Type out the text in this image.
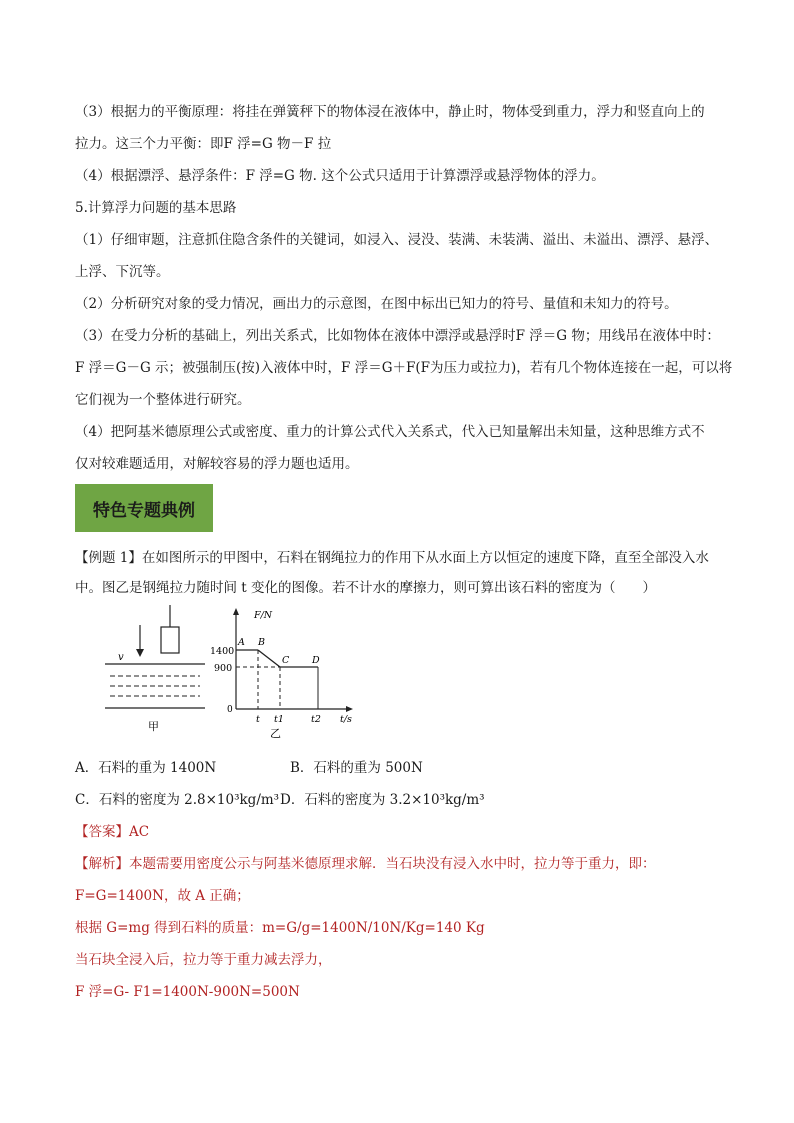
（3）根据力的平衡原理：将挂在弹簧秤下的物体浸在液体中，静止时，物体受到重力，浮力和竖直向上的
拉力。这三个力平衡：即F 浮=G 物－F 拉
（4）根据漂浮、悬浮条件：F 浮=G 物. 这个公式只适用于计算漂浮或悬浮物体的浮力。
5.计算浮力问题的基本思路
（1）仔细审题，注意抓住隐含条件的关键词，如浸入、浸没、装满、未装满、溢出、未溢出、漂浮、悬浮、
上浮、下沉等。
（2）分析研究对象的受力情况，画出力的示意图，在图中标出已知力的符号、量值和未知力的符号。
（3）在受力分析的基础上，列出关系式，比如物体在液体中漂浮或悬浮时F 浮＝G 物；用线吊在液体中时：
F 浮＝G－G 示；被强制压(按)入液体中时，F 浮＝G＋F(F为压力或拉力)，若有几个物体连接在一起，可以将
它们视为一个整体进行研究。
（4）把阿基米德原理公式或密度、重力的计算公式代入关系式，代入已知量解出未知量，这种思维方式不
仅对较难题适用，对解较容易的浮力题也适用。
特色专题典例
【例题 1】在如图所示的甲图中，石料在钢绳拉力的作用下从水面上方以恒定的速度下降，直至全部没入水
中。图乙是钢绳拉力随时间 t 变化的图像。若不计水的摩擦力，则可算出该石料的密度为（　　）
v
甲
F/N
t/s
0
1400
900
A B
C D
t t1	t2
乙
A．石料的重为 1400N	B．石料的重为 500N
C．石料的密度为 2.8×10³kg/m³ D．石料的密度为 3.2×10³kg/m³
【答案】AC
【解析】本题需要用密度公示与阿基米德原理求解．当石块没有浸入水中时，拉力等于重力，即：
F=G=1400N，故 A 正确；
根据 G=mg 得到石料的质量：m=G/g=1400N/10N/Kg=140 Kg
当石块全浸入后，拉力等于重力减去浮力，
F 浮=G- F1=1400N-900N=500N
